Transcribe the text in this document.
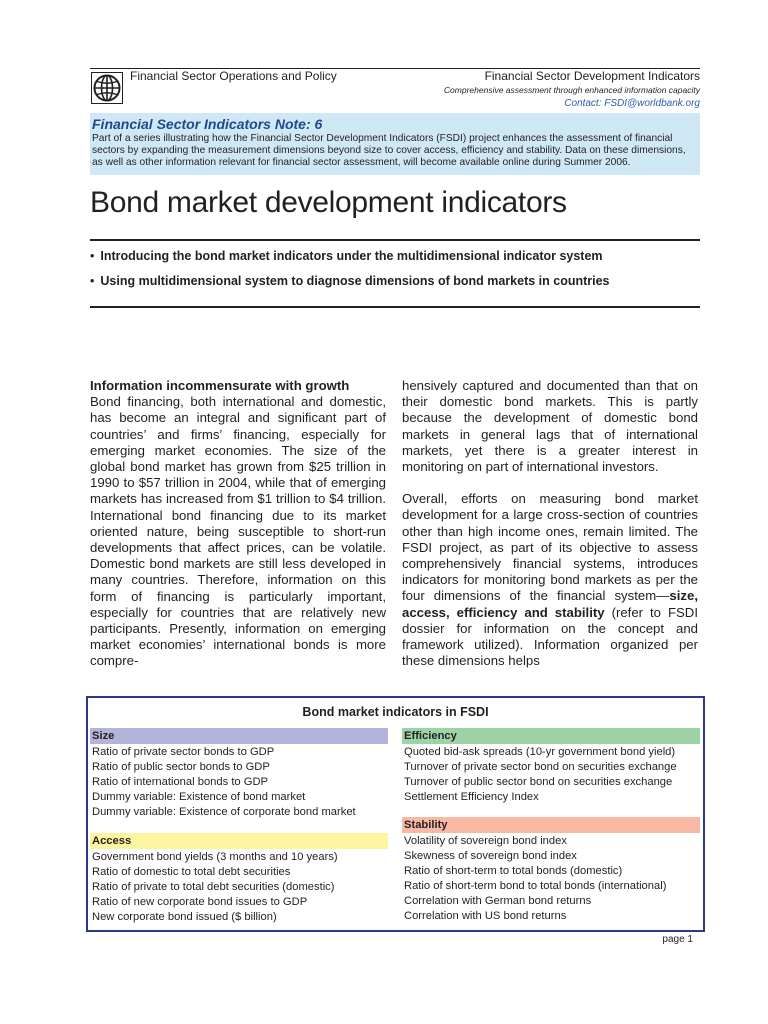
Financial Sector Operations and Policy	Financial Sector Development Indicators
Comprehensive assessment through enhanced information capacity
Contact: FSDI@worldbank.org
Financial Sector Indicators Note: 6
Part of a series illustrating how the Financial Sector Development Indicators (FSDI) project enhances the assessment of financial sectors by expanding the measurement dimensions beyond size to cover access, efficiency and stability. Data on these dimensions, as well as other information relevant for financial sector assessment, will become available online during Summer 2006.
Bond market development indicators
• Introducing the bond market indicators under the multidimensional indicator system
• Using multidimensional system to diagnose dimensions of bond markets in countries

Information incommensurate with growth
Bond financing, both international and domestic, has become an integral and significant part of countries’ and firms’ financing, especially for emerging market economies. The size of the global bond market has grown from $25 trillion in 1990 to $57 trillion in 2004, while that of emerging markets has increased from $1 trillion to $4 trillion. International bond financing due to its market oriented nature, being susceptible to short-run developments that affect prices, can be volatile. Domestic bond markets are still less developed in many countries. Therefore, information on this form of financing is particularly important, especially for countries that are relatively new participants. Presently, information on emerging market economies’ international bonds is more compre-

hensively captured and documented than that on their domestic bond markets. This is partly because the development of domestic bond markets in general lags that of international markets, yet there is a greater interest in monitoring on part of international investors.

Overall, efforts on measuring bond market development for a large cross-section of countries other than high income ones, remain limited. The FSDI project, as part of its objective to assess comprehensively financial systems, introduces indicators for monitoring bond markets as per the four dimensions of the financial system—size, access, efficiency and stability (refer to FSDI dossier for information on the concept and framework utilized). Information organized per these dimensions helps

Bond market indicators in FSDI
Size
Ratio of private sector bonds to GDP
Ratio of public sector bonds to GDP
Ratio of international bonds to GDP
Dummy variable: Existence of bond market
Dummy variable: Existence of corporate bond market
Access
Government bond yields (3 months and 10 years)
Ratio of domestic to total debt securities
Ratio of private to total debt securities (domestic)
Ratio of new corporate bond issues to GDP
New corporate bond issued ($ billion)
Efficiency
Quoted bid-ask spreads (10-yr government bond yield)
Turnover of private sector bond on securities exchange
Turnover of public sector bond on securities exchange
Settlement Efficiency Index
Stability
Volatility of sovereign bond index
Skewness of sovereign bond index
Ratio of short-term to total bonds (domestic)
Ratio of short-term bond to total bonds (international)
Correlation with German bond returns
Correlation with US bond returns
page 1
